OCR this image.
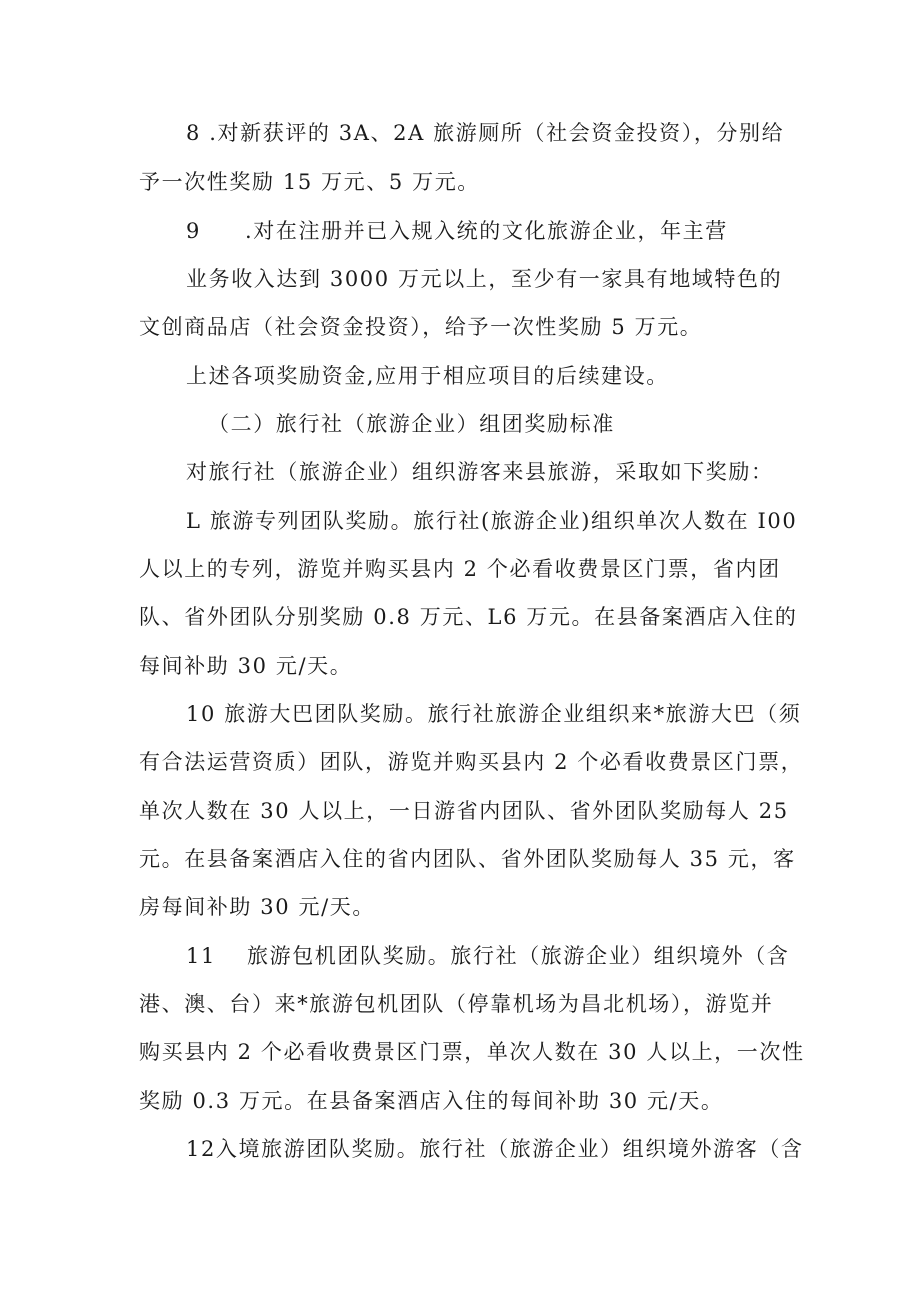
8 .对新获评的 3A、2A 旅游厕所（社会资金投资），分别给
予一次性奖励 15 万元、5 万元。
9 .对在注册并已入规入统的文化旅游企业，年主营
业务收入达到 3000 万元以上，至少有一家具有地域特色的
文创商品店（社会资金投资），给予一次性奖励 5 万元。
上述各项奖励资金,应用于相应项目的后续建设。
（二）旅行社（旅游企业）组团奖励标准
对旅行社（旅游企业）组织游客来县旅游，采取如下奖励：
L 旅游专列团队奖励。旅行社(旅游企业)组织单次人数在 I00
人以上的专列，游览并购买县内 2 个必看收费景区门票，省内团
队、省外团队分别奖励 0.8 万元、L6 万元。在县备案酒店入住的
每间补助 30 元/天。
10 旅游大巴团队奖励。旅行社旅游企业组织来*旅游大巴（须
有合法运营资质）团队，游览并购买县内 2 个必看收费景区门票，
单次人数在 30 人以上，一日游省内团队、省外团队奖励每人 25
元。在县备案酒店入住的省内团队、省外团队奖励每人 35 元，客
房每间补助 30 元/天。
11 旅游包机团队奖励。旅行社（旅游企业）组织境外（含
港、澳、台）来*旅游包机团队（停靠机场为昌北机场），游览并
购买县内 2 个必看收费景区门票，单次人数在 30 人以上，一次性
奖励 0.3 万元。在县备案酒店入住的每间补助 30 元/天。
12入境旅游团队奖励。旅行社（旅游企业）组织境外游客（含
